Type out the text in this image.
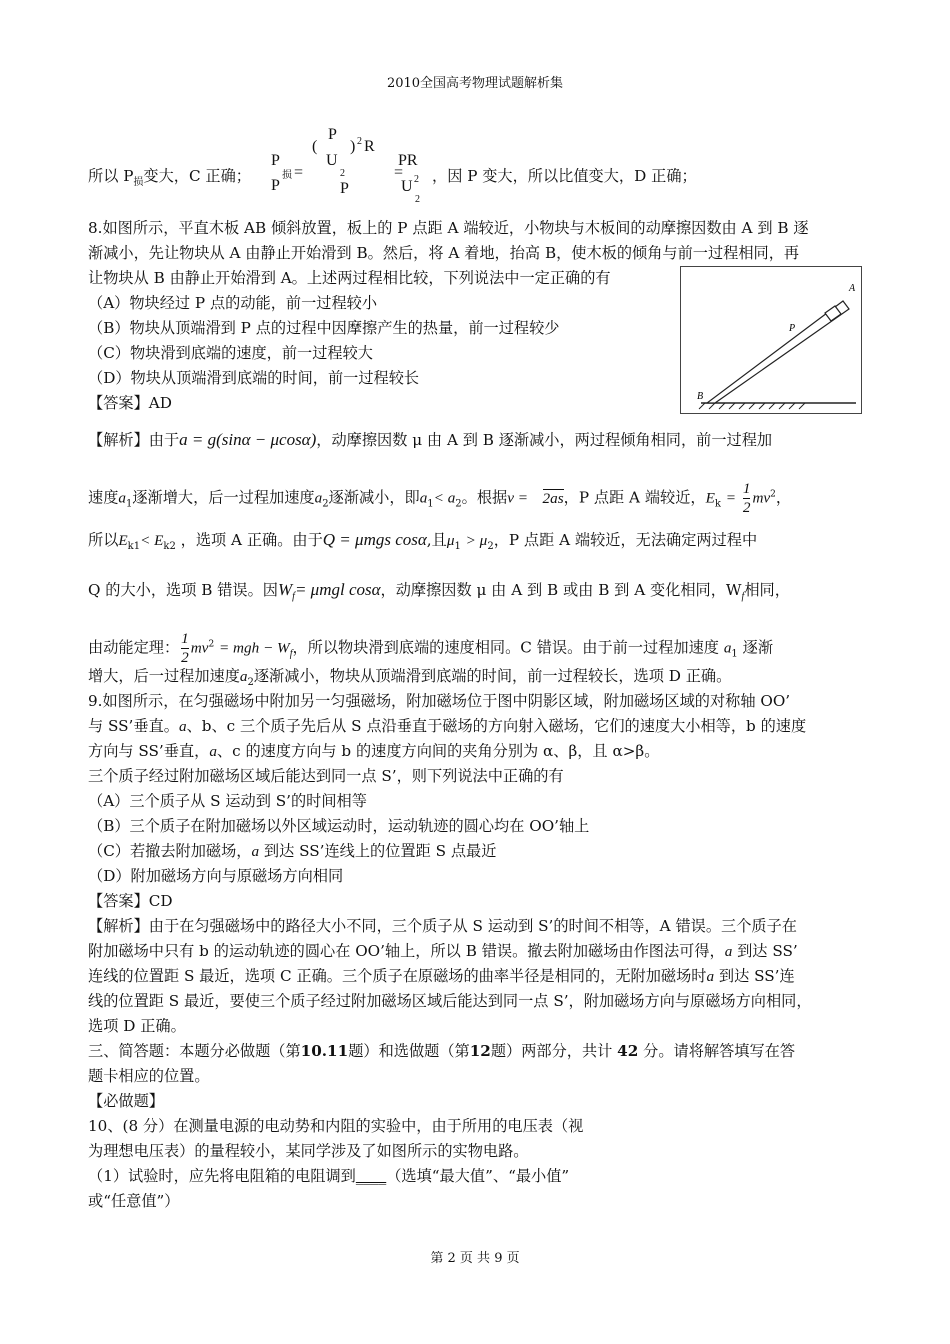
2010全国高考物理试题解析集
所以 $P_损$变大，C 正确；
P
损
P
=
P
( ) 2 R
U
2
P
=
PR
U 2
2
，因 P 变大，所以比值变大，D 正确；
8.如图所示，平直木板 AB 倾斜放置，板上的 P 点距 A 端较近，小物块与木板间的动摩擦因数由 A 到 B 逐
渐减小，先让物块从 A 由静止开始滑到 B。然后，将 A 着地，抬高 B，使木板的倾角与前一过程相同，再
让物块从 B 由静止开始滑到 A。上述两过程相比较，下列说法中一定正确的有
（A）物块经过 P 点的动能，前一过程较小
（B）物块从顶端滑到 P 点的过程中因摩擦产生的热量，前一过程较少
（C）物块滑到底端的速度，前一过程较大
（D）物块从顶端滑到底端的时间，前一过程较长
【答案】AD
A
B
P
【解析】由于a = g(sinα − μcosα)，动摩擦因数 μ 由 A 到 B 逐渐减小，两过程倾角相同，前一过程加
速度$a_1$逐渐增大，后一过程加速度$a_2$逐渐减小，即$a_1< a_2$。根据v = 2as，P 点距 A 端较近，$E_k = \frac{1}{2} mv^2$，
所以$E_{k1}< E_{k2}$ ，选项 A 正确。由于Q = μmgs cosα,且$\mu_1 > \mu_2$，P 点距 A 端较近，无法确定两过程中
Q 的大小，选项 B 错误。因$W_f= \mu mgl$ cosα，动摩擦因数 μ 由 A 到 B 或由 B 到 A 变化相同，$W_f$相同，
由动能定理： $\frac{1}{2} mv^2$ = mgh − $W_f$，所以物块滑到底端的速度相同。C 错误。由于前一过程加速度 $a_1$ 逐渐
增大，后一过程加速度$a_2$逐渐减小，物块从顶端滑到底端的时间，前一过程较长，选项 D 正确。
9.如图所示，在匀强磁场中附加另一匀强磁场，附加磁场位于图中阴影区域，附加磁场区域的对称轴 OO’
与 SS’垂直。a、b、c 三个质子先后从 S 点沿垂直于磁场的方向射入磁场，它们的速度大小相等，b 的速度
方向与 SS’垂直，a、c 的速度方向与 b 的速度方向间的夹角分别为 α、β，且 α>β。
三个质子经过附加磁场区域后能达到同一点 S’，则下列说法中正确的有
（A）三个质子从 S 运动到 S’的时间相等
（B）三个质子在附加磁场以外区域运动时，运动轨迹的圆心均在 OO’轴上
（C）若撤去附加磁场，a 到达 SS’连线上的位置距 S 点最近
（D）附加磁场方向与原磁场方向相同
【答案】CD
【解析】由于在匀强磁场中的路径大小不同，三个质子从 S 运动到 S’的时间不相等，A 错误。三个质子在
附加磁场中只有 b 的运动轨迹的圆心在 OO’轴上，所以 B 错误。撤去附加磁场由作图法可得，a 到达 SS’
连线的位置距 S 最近，选项 C 正确。三个质子在原磁场的曲率半径是相同的，无附加磁场时a 到达 SS’连
线的位置距 S 最近，要使三个质子经过附加磁场区域后能达到同一点 S’，附加磁场方向与原磁场方向相同，
选项 D 正确。
三、简答题：本题分必做题（第10.11题）和选做题（第12题）两部分，共计 42 分。请将解答填写在答
题卡相应的位置。
【必做题】
10、(8 分）在测量电源的电动势和内阻的实验中，由于所用的电压表（视
为理想电压表）的量程较小，某同学涉及了如图所示的实物电路。
（1）试验时，应先将电阻箱的电阻调到____（选填“最大值”、“最小值”
或“任意值”）
第 2 页 共 9 页
